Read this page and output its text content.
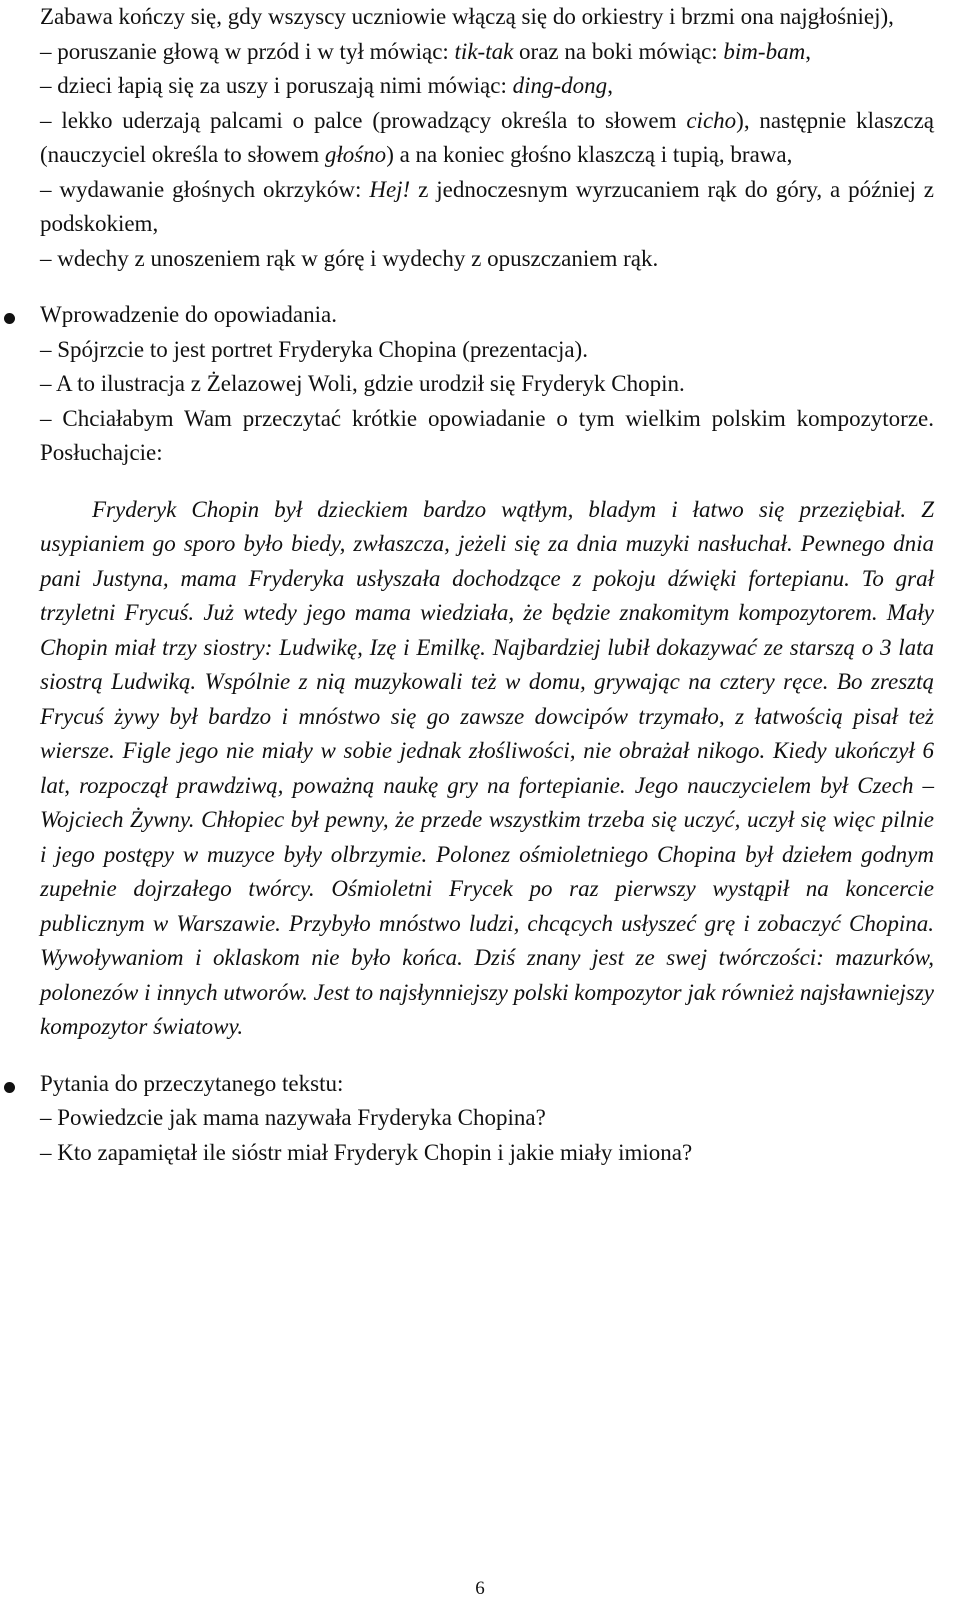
Zabawa kończy się, gdy wszyscy uczniowie włączą się do orkiestry i brzmi ona najgłośniej),

– poruszanie głową w przód i w tył mówiąc: tik-tak oraz na boki mówiąc: bim-bam,

– dzieci łapią się za uszy i poruszają nimi mówiąc: ding-dong,

– lekko uderzają palcami o palce (prowadzący określa to słowem cicho), następnie klaszczą (nauczyciel określa to słowem głośno) a na koniec głośno klaszczą i tupią, brawa,

– wydawanie głośnych okrzyków: Hej! z jednoczesnym wyrzucaniem rąk do góry, a później z podskokiem,

– wdechy z unoszeniem rąk w górę i wydechy z opuszczaniem rąk.

Wprowadzenie do opowiadania.

– Spójrzcie to jest portret Fryderyka Chopina (prezentacja).

– A to ilustracja z Żelazowej Woli, gdzie urodził się Fryderyk Chopin.

– Chciałabym Wam przeczytać krótkie opowiadanie o tym wielkim polskim kompozytorze. Posłuchajcie:

Fryderyk Chopin był dzieckiem bardzo wątłym, bladym i łatwo się przeziębiał. Z usypianiem go sporo było biedy, zwłaszcza, jeżeli się za dnia muzyki nasłuchał. Pewnego dnia pani Justyna, mama Fryderyka usłyszała dochodzące z pokoju dźwięki fortepianu. To grał trzyletni Frycuś. Już wtedy jego mama wiedziała, że będzie znakomitym kompozytorem. Mały Chopin miał trzy siostry: Ludwikę, Izę i Emilkę. Najbardziej lubił dokazywać ze starszą o 3 lata siostrą Ludwiką. Wspólnie z nią muzykowali też w domu, grywając na cztery ręce. Bo zresztą Frycuś żywy był bardzo i mnóstwo się go zawsze dowcipów trzymało, z łatwością pisał też wiersze. Figle jego nie miały w sobie jednak złośliwości, nie obrażał nikogo. Kiedy ukończył 6 lat, rozpoczął prawdziwą, poważną naukę gry na fortepianie. Jego nauczycielem był Czech – Wojciech Żywny. Chłopiec był pewny, że przede wszystkim trzeba się uczyć, uczył się więc pilnie i jego postępy w muzyce były olbrzymie. Polonez ośmioletniego Chopina był dziełem godnym zupełnie dojrzałego twórcy. Ośmioletni Frycek po raz pierwszy wystąpił na koncercie publicznym w Warszawie. Przybyło mnóstwo ludzi, chcących usłyszeć grę i zobaczyć Chopina. Wywoływaniom i oklaskom nie było końca. Dziś znany jest ze swej twórczości: mazurków, polonezów i innych utworów. Jest to najsłynniejszy polski kompozytor jak również najsławniejszy kompozytor światowy.

Pytania do przeczytanego tekstu:

– Powiedzcie jak mama nazywała Fryderyka Chopina?

– Kto zapamiętał ile sióstr miał Fryderyk Chopin i jakie miały imiona?

6
